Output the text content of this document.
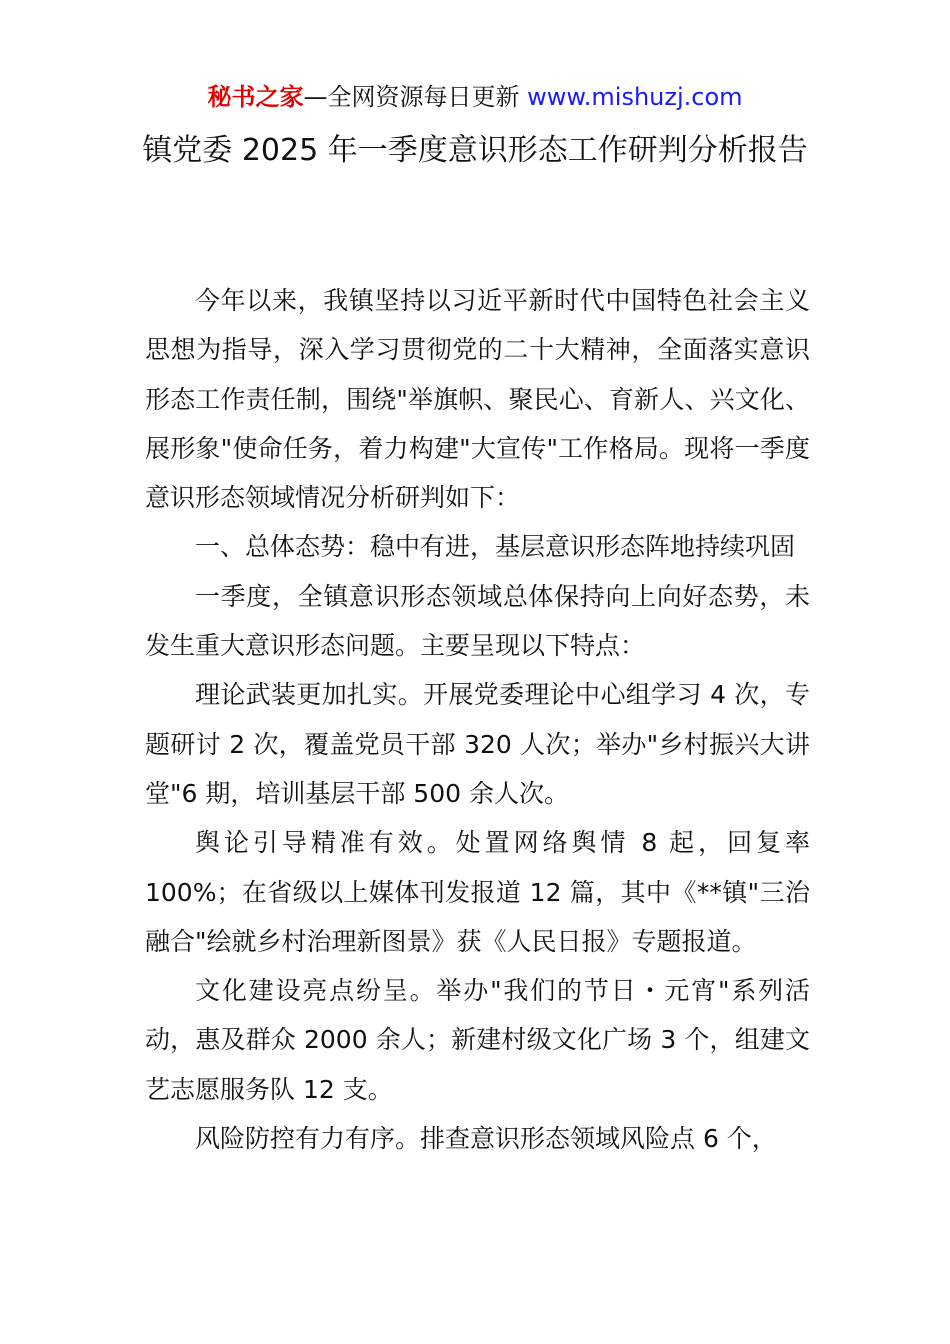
秘书之家—全网资源每日更新 www.mishuzj.com
镇党委 2025 年一季度意识形态工作研判分析报告

今年以来，我镇坚持以习近平新时代中国特色社会主义思想为指导，深入学习贯彻党的二十大精神，全面落实意识形态工作责任制，围绕"举旗帜、聚民心、育新人、兴文化、展形象"使命任务，着力构建"大宣传"工作格局。现将一季度意识形态领域情况分析研判如下：

一、总体态势：稳中有进，基层意识形态阵地持续巩固

一季度，全镇意识形态领域总体保持向上向好态势，未发生重大意识形态问题。主要呈现以下特点：

理论武装更加扎实。开展党委理论中心组学习 4 次，专题研讨 2 次，覆盖党员干部 320 人次；举办"乡村振兴大讲堂"6 期，培训基层干部 500 余人次。

舆论引导精准有效。处置网络舆情 8 起，回复率 100%；在省级以上媒体刊发报道 12 篇，其中《**镇"三治融合"绘就乡村治理新图景》获《人民日报》专题报道。

文化建设亮点纷呈。举办"我们的节日・元宵"系列活动，惠及群众 2000 余人；新建村级文化广场 3 个，组建文艺志愿服务队 12 支。

风险防控有力有序。排查意识形态领域风险点 6 个，
